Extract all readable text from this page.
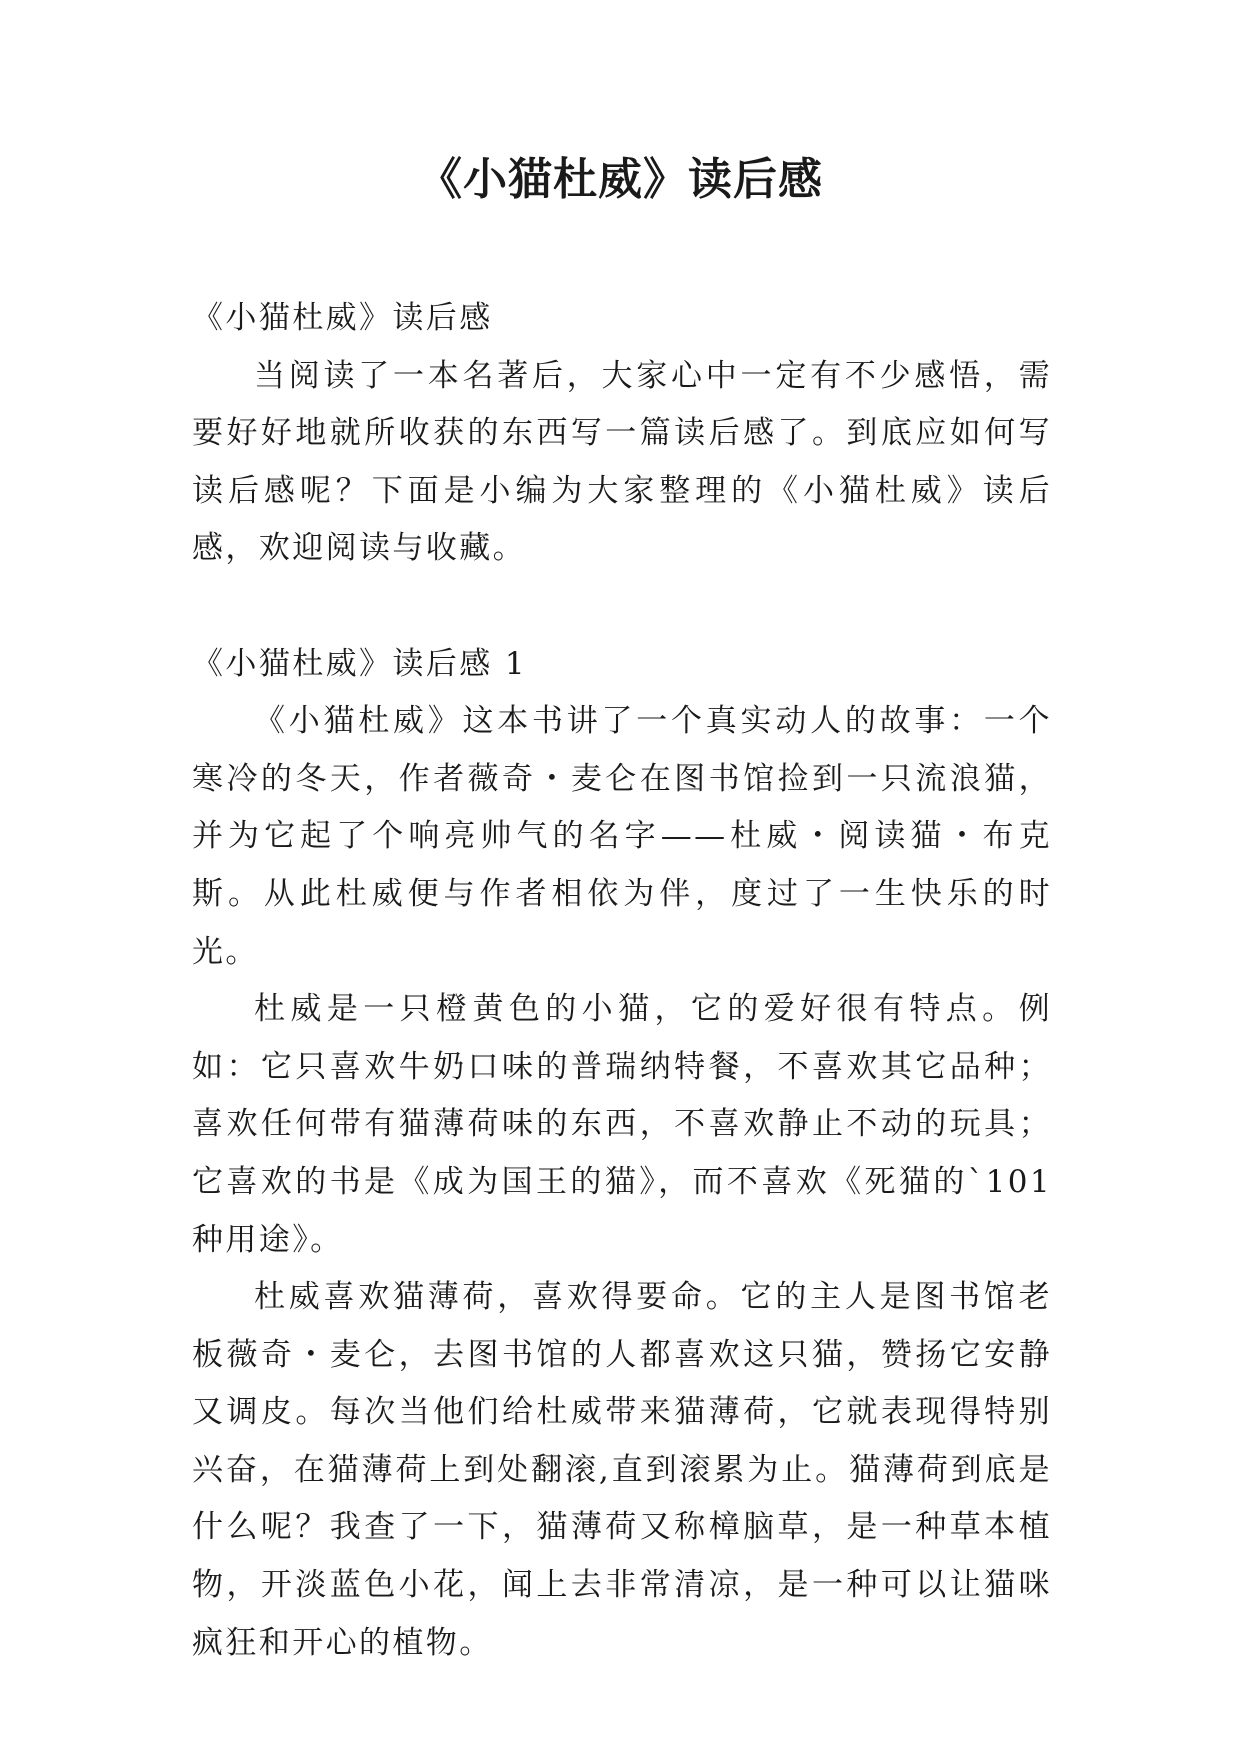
《小猫杜威》读后感

《小猫杜威》读后感

当阅读了一本名著后，大家心中一定有不少感悟，需要好好地就所收获的东西写一篇读后感了。到底应如何写读后感呢？下面是小编为大家整理的《小猫杜威》读后感，欢迎阅读与收藏。

《小猫杜威》读后感 1

《小猫杜威》这本书讲了一个真实动人的故事：一个寒冷的冬天，作者薇奇・麦仑在图书馆捡到一只流浪猫，并为它起了个响亮帅气的名字——杜威・阅读猫・布克斯。从此杜威便与作者相依为伴，度过了一生快乐的时光。

杜威是一只橙黄色的小猫，它的爱好很有特点。例如：它只喜欢牛奶口味的普瑞纳特餐，不喜欢其它品种；喜欢任何带有猫薄荷味的东西，不喜欢静止不动的玩具；它喜欢的书是《成为国王的猫》，而不喜欢《死猫的`101 种用途》。

杜威喜欢猫薄荷，喜欢得要命。它的主人是图书馆老板薇奇・麦仑，去图书馆的人都喜欢这只猫，赞扬它安静又调皮。每次当他们给杜威带来猫薄荷，它就表现得特别兴奋，在猫薄荷上到处翻滚,直到滚累为止。猫薄荷到底是什么呢？我查了一下，猫薄荷又称樟脑草，是一种草本植物，开淡蓝色小花，闻上去非常清凉，是一种可以让猫咪疯狂和开心的植物。
